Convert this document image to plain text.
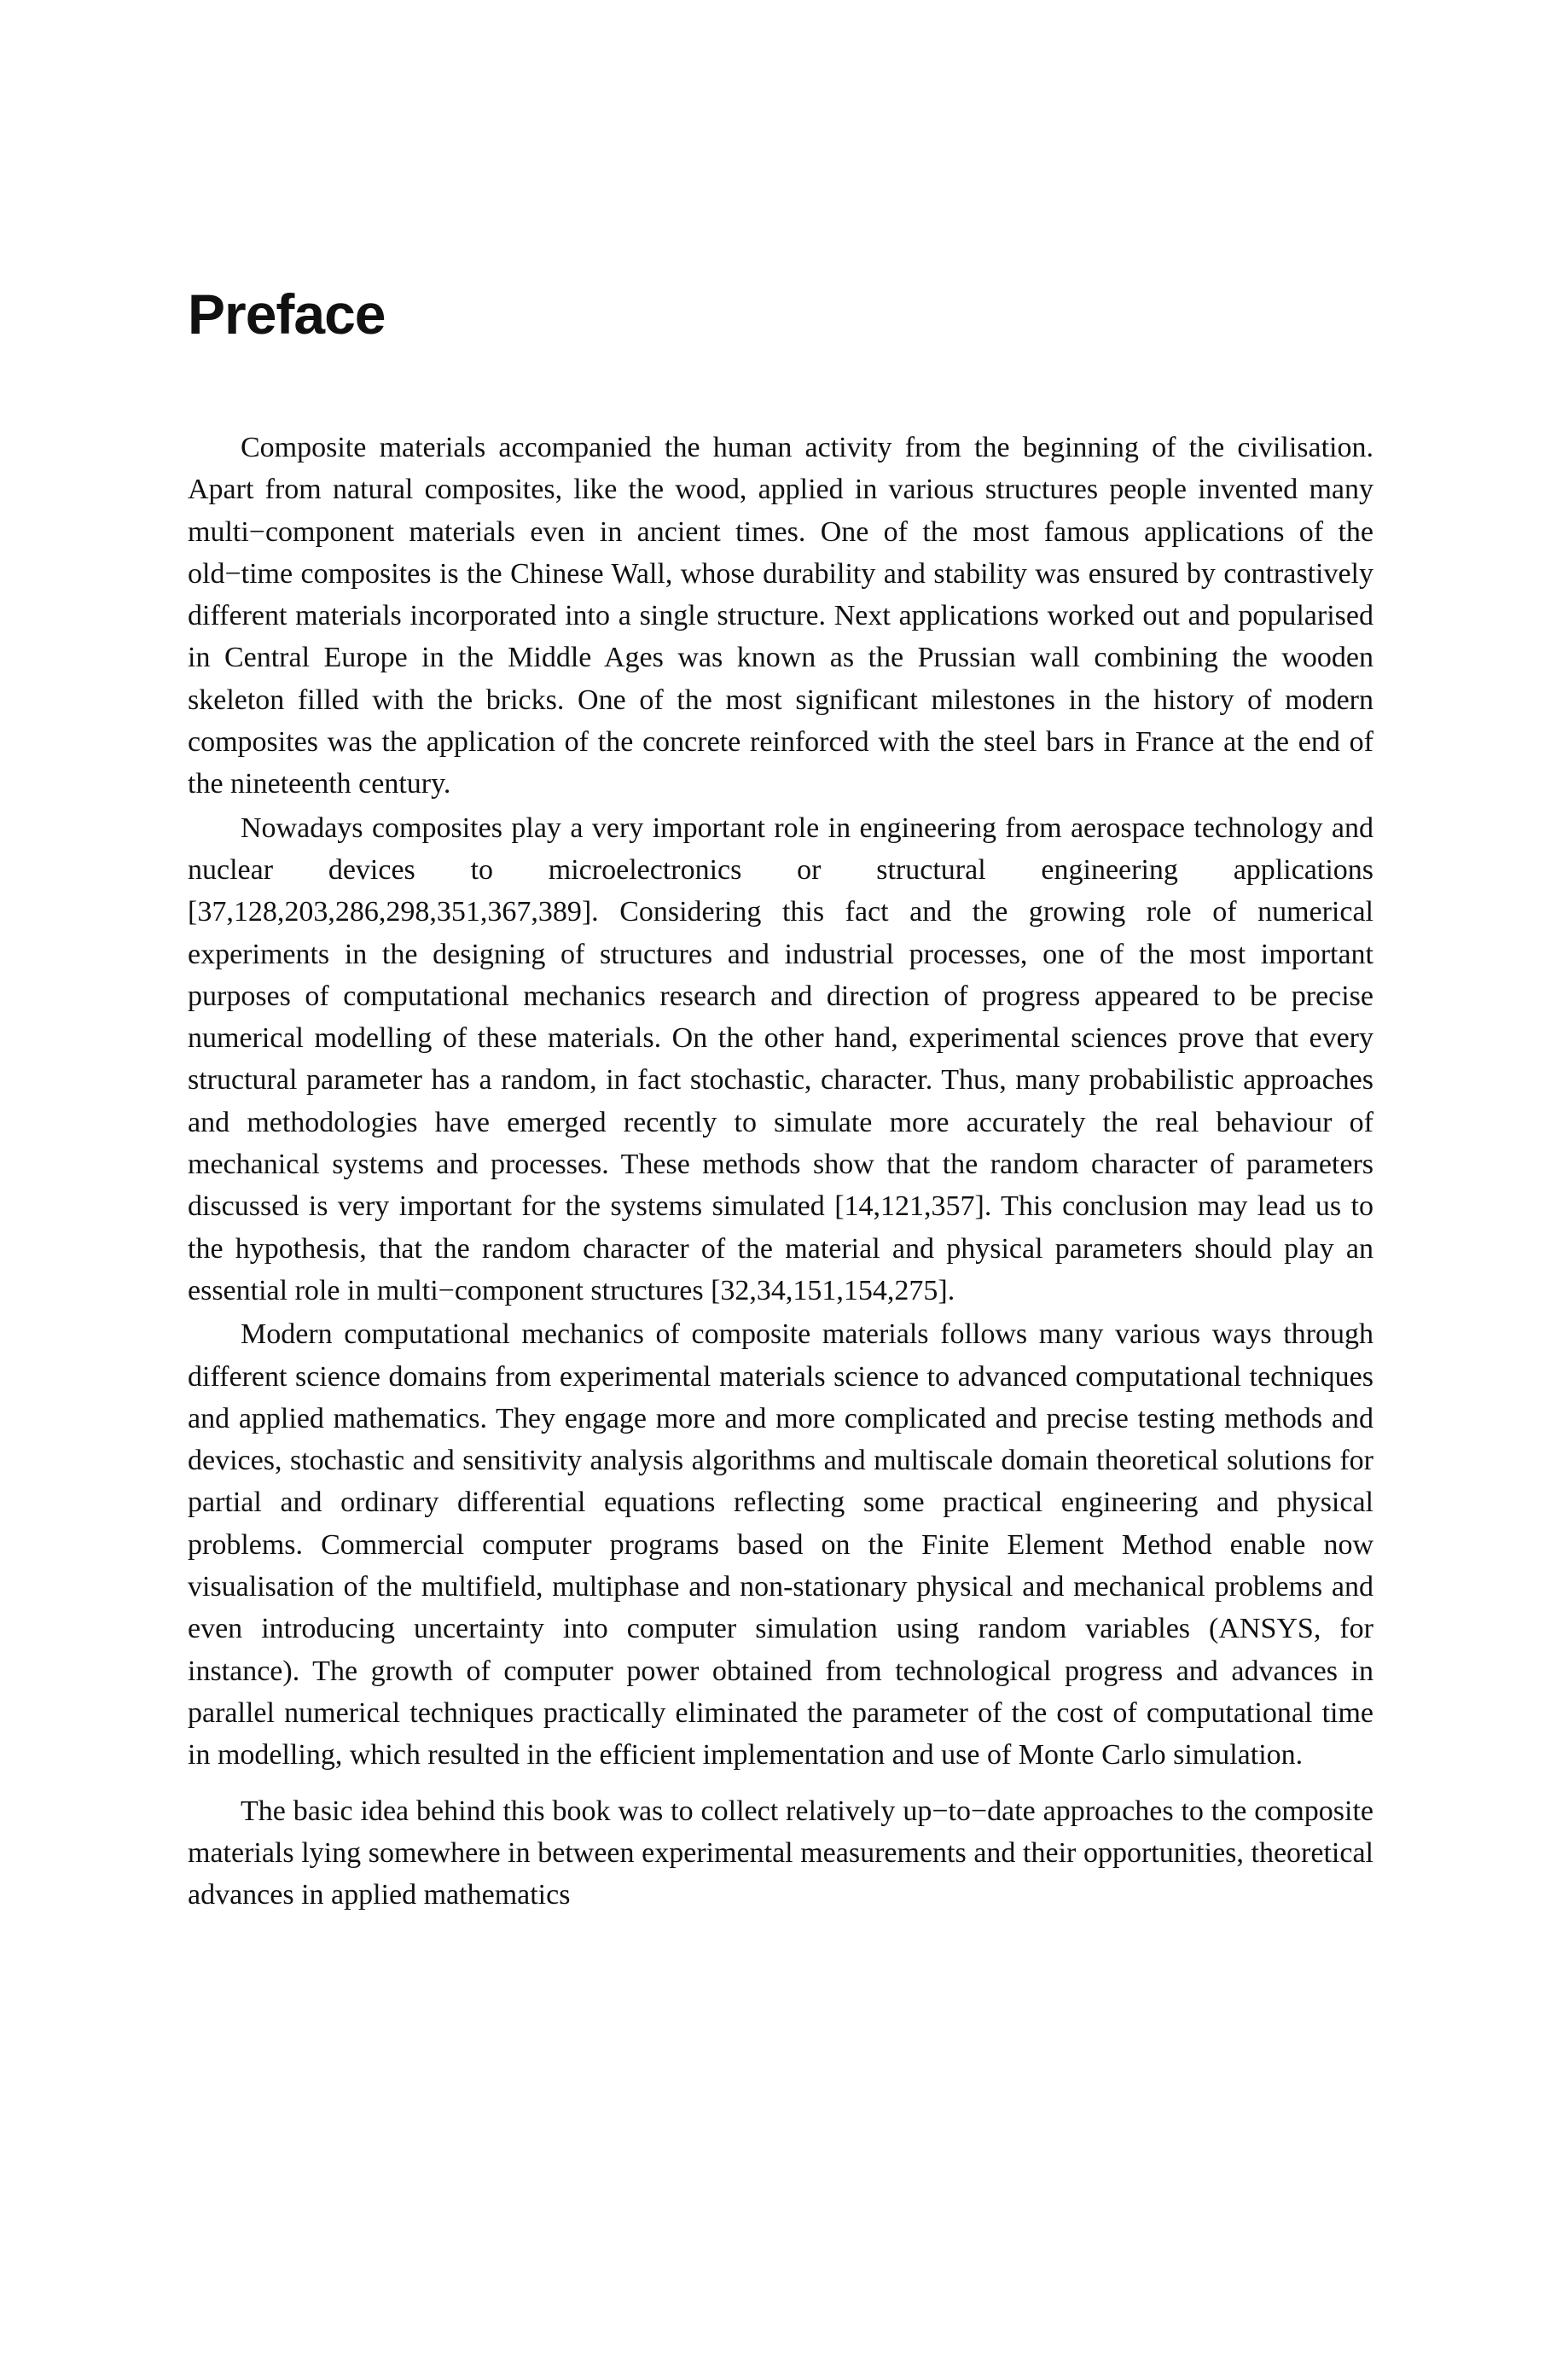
Preface

Composite materials accompanied the human activity from the beginning of the civilisation. Apart from natural composites, like the wood, applied in various structures people invented many multi−component materials even in ancient times. One of the most famous applications of the old−time composites is the Chinese Wall, whose durability and stability was ensured by contrastively different materials incorporated into a single structure. Next applications worked out and popularised in Central Europe in the Middle Ages was known as the Prussian wall combining the wooden skeleton filled with the bricks. One of the most significant milestones in the history of modern composites was the application of the concrete reinforced with the steel bars in France at the end of the nineteenth century.

Nowadays composites play a very important role in engineering from aerospace technology and nuclear devices to microelectronics or structural engineering applications [37,128,203,286,298,351,367,389]. Considering this fact and the growing role of numerical experiments in the designing of structures and industrial processes, one of the most important purposes of computational mechanics research and direction of progress appeared to be precise numerical modelling of these materials. On the other hand, experimental sciences prove that every structural parameter has a random, in fact stochastic, character. Thus, many probabilistic approaches and methodologies have emerged recently to simulate more accurately the real behaviour of mechanical systems and processes. These methods show that the random character of parameters discussed is very important for the systems simulated [14,121,357]. This conclusion may lead us to the hypothesis, that the random character of the material and physical parameters should play an essential role in multi−component structures [32,34,151,154,275].

Modern computational mechanics of composite materials follows many various ways through different science domains from experimental materials science to advanced computational techniques and applied mathematics. They engage more and more complicated and precise testing methods and devices, stochastic and sensitivity analysis algorithms and multiscale domain theoretical solutions for partial and ordinary differential equations reflecting some practical engineering and physical problems. Commercial computer programs based on the Finite Element Method enable now visualisation of the multifield, multiphase and non-stationary physical and mechanical problems and even introducing uncertainty into computer simulation using random variables (ANSYS, for instance). The growth of computer power obtained from technological progress and advances in parallel numerical techniques practically eliminated the parameter of the cost of computational time in modelling, which resulted in the efficient implementation and use of Monte Carlo simulation.

The basic idea behind this book was to collect relatively up−to−date approaches to the composite materials lying somewhere in between experimental measurements and their opportunities, theoretical advances in applied mathematics
